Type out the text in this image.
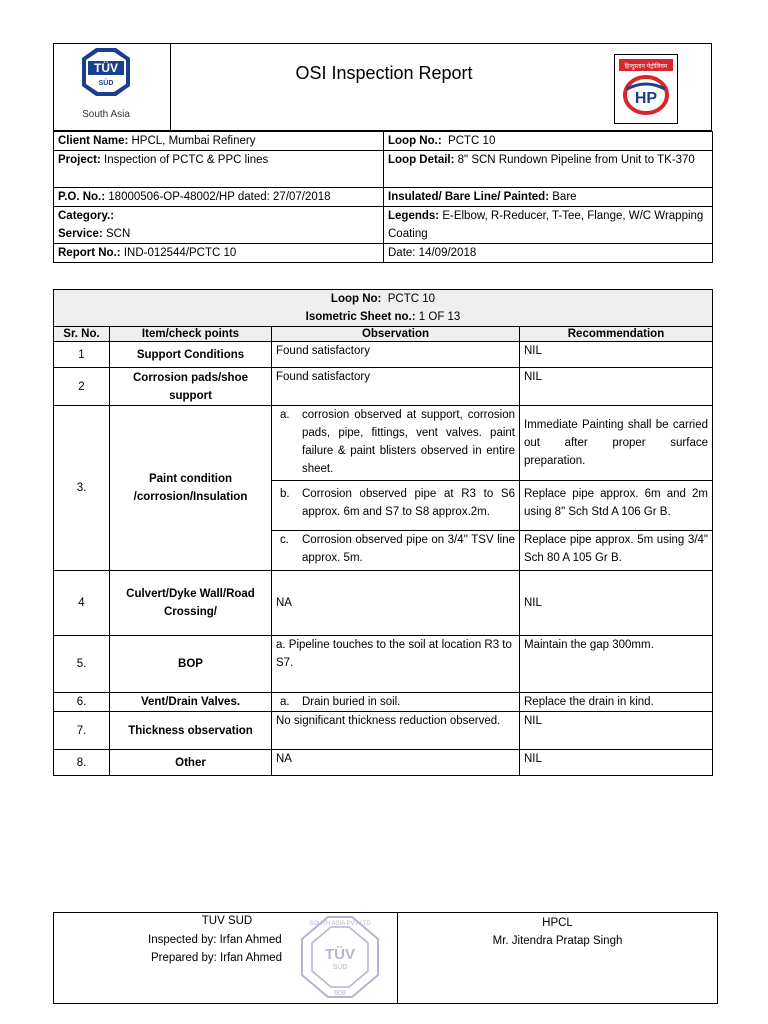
TÜV
SÜD
South Asia
OSI Inspection Report	हिन्दुस्तान पेट्रोलियम
HP
Client Name: HPCL, Mumbai Refinery	Loop No.: PCTC 10
Project: Inspection of PCTC & PPC lines	Loop Detail: 8" SCN Rundown Pipeline from Unit to TK-370
P.O. No.: 18000506-OP-48002/HP dated: 27/07/2018	Insulated/ Bare Line/ Painted: Bare

Category.:
Service: SCN	Legends: E-Elbow, R-Reducer, T-Tee, Flange, W/C Wrapping Coating
Report No.: IND-012544/PCTC 10	Date: 14/09/2018
Loop No: PCTC 10
Isometric Sheet no.: 1 OF 13			

Sr. No.	Item/check points	Observation	Recommendation
1	Support Conditions	Found satisfactory	NIL
2	Corrosion pads/shoe support	Found satisfactory	NIL
3.	Paint condition /corrosion/Insulation	a. corrosion observed at support, corrosion pads, pipe, fittings, vent valves. paint failure & paint blisters observed in entire sheet.	Immediate Painting shall be carried out after proper surface preparation.

		b. Corrosion observed pipe at R3 to S6 approx. 6m and S7 to S8 approx.2m.	Replace pipe approx. 6m and 2m using 8" Sch Std A 106 Gr B.

		c. Corrosion observed pipe on 3/4'' TSV line approx. 5m.	Replace pipe approx. 5m using 3/4" Sch 80 A 105 Gr B.
4	Culvert/Dyke Wall/Road Crossing/	NA	NIL
5.	BOP	a. Pipeline touches to the soil at location R3 to S7.	Maintain the gap 300mm.
6.	Vent/Drain Valves.	a. Drain buried in soil.	Replace the drain in kind.
7.	Thickness observation	No significant thickness reduction observed.	NIL
8.	Other	NA	NIL
TUV SUD
Inspected by: Irfan Ahmed
Prepared by: Irfan Ahmed
SOUTH ASIA PVT LTD
TÜV
SÜD
608
HPCL
Mr. Jitendra Pratap Singh
